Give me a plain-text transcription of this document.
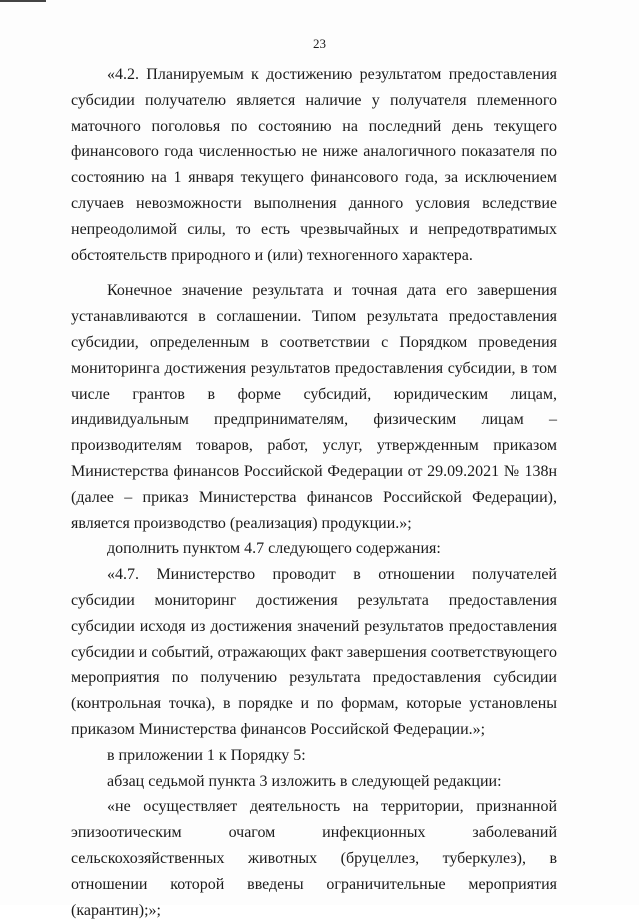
23

«4.2. Планируемым к достижению результатом предоставления субсидии получателю является наличие у получателя племенного маточного поголовья по состоянию на последний день текущего финансового года численностью не ниже аналогичного показателя по состоянию на 1 января текущего финансового года, за исключением случаев невозможности выполнения данного условия вследствие непреодолимой силы, то есть чрезвычайных и непредотвратимых обстоятельств природного и (или) техногенного характера.

Конечное значение результата и точная дата его завершения устанавливаются в соглашении. Типом результата предоставления субсидии, определенным в соответствии с Порядком проведения мониторинга достижения результатов предоставления субсидии, в том числе грантов в форме субсидий, юридическим лицам, индивидуальным предпринимателям, физическим лицам – производителям товаров, работ, услуг, утвержденным приказом Министерства финансов Российской Федерации от 29.09.2021 № 138н (далее – приказ Министерства финансов Российской Федерации), является производство (реализация) продукции.»;

дополнить пунктом 4.7 следующего содержания:

«4.7. Министерство проводит в отношении получателей субсидии мониторинг достижения результата предоставления субсидии исходя из достижения значений результатов предоставления субсидии и событий, отражающих факт завершения соответствующего мероприятия по получению результата предоставления субсидии (контрольная точка), в порядке и по формам, которые установлены приказом Министерства финансов Российской Федерации.»;

в приложении 1 к Порядку 5:

абзац седьмой пункта 3 изложить в следующей редакции:

«не осуществляет деятельность на территории, признанной эпизоотическим очагом инфекционных заболеваний сельскохозяйственных животных (бруцеллез, туберкулез), в отношении которой введены ограничительные мероприятия (карантин);»;
